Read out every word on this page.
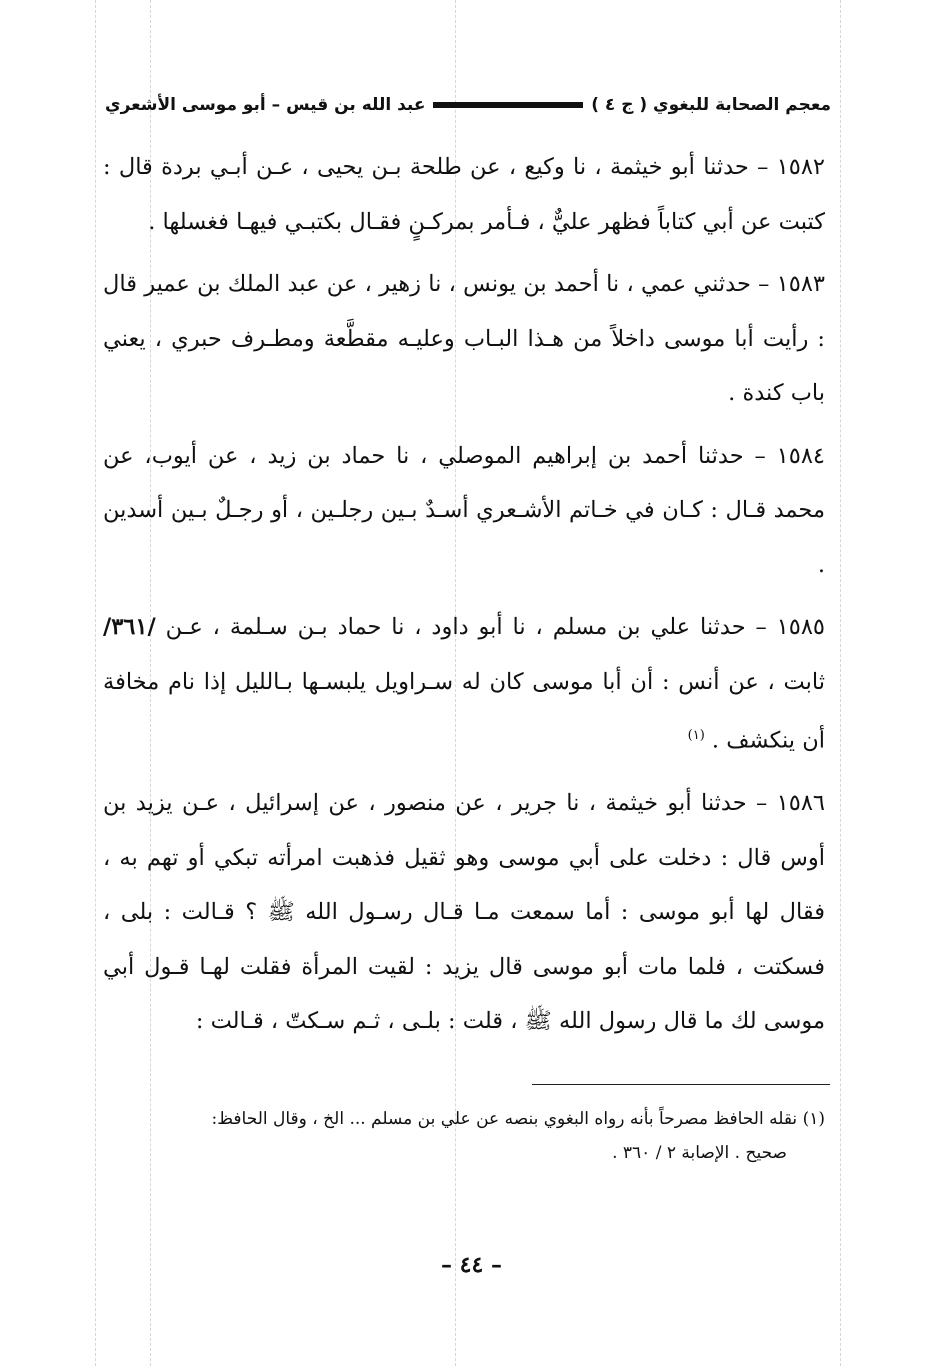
معجم الصحابة للبغوي ( ج ٤ )
عبد الله بن قيس – أبو موسى الأشعري

١٥٨٢ – حدثنا أبو خيثمة ، نا وكيع ، عن طلحة بـن يحيى ، عـن أبـي بردة قال : كتبت عن أبي كتاباً فظهر عليٌّ ، فـأمر بمركـنٍ فقـال بكتبـي فيهـا فغسلها .

١٥٨٣ – حدثني عمي ، نا أحمد بن يونس ، نا زهير ، عن عبد الملك بن عمير قال : رأيت أبا موسى داخلاً من هـذا البـاب وعليـه مقطَّعة ومطـرف حبري ، يعني باب كندة .

١٥٨٤ – حدثنا أحمد بن إبراهيم الموصلي ، نا حماد بن زيد ، عن أيوب، عن محمد قـال : كـان في خـاتم الأشـعري أسـدٌ بـين رجلـين ، أو رجـلٌ بـين أسدين .

١٥٨٥ – حدثنا علي بن مسلم ، نا أبو داود ، نا حماد بـن سـلمة ، عـن /٣٦١/ ثابت ، عن أنس : أن أبا موسى كان له سـراويل يلبسـها بـالليل إذا نام مخافة أن ينكشف . $^{(١)}$

١٥٨٦ – حدثنا أبو خيثمة ، نا جرير ، عن منصور ، عن إسرائيل ، عـن يزيد بن أوس قال : دخلت على أبي موسى وهو ثقيل فذهبت امرأته تبكي أو تهم به ، فقال لها أبو موسى : أما سمعت مـا قـال رسـول الله ﷺ ؟ قـالت : بلى ، فسكتت ، فلما مات أبو موسى قال يزيد : لقيت المرأة فقلت لهـا قـول أبي موسى لك ما قال رسول الله ﷺ ، قلت : بلـى ، ثـم سـكتّ ، قـالت :

(١) نقله الحافظ مصرحاً بأنه رواه البغوي بنصه عن علي بن مسلم ... الخ ، وقال الحافظ:
صحيح . الإصابة ٢ / ٣٦٠ .
– ٤٤ –
